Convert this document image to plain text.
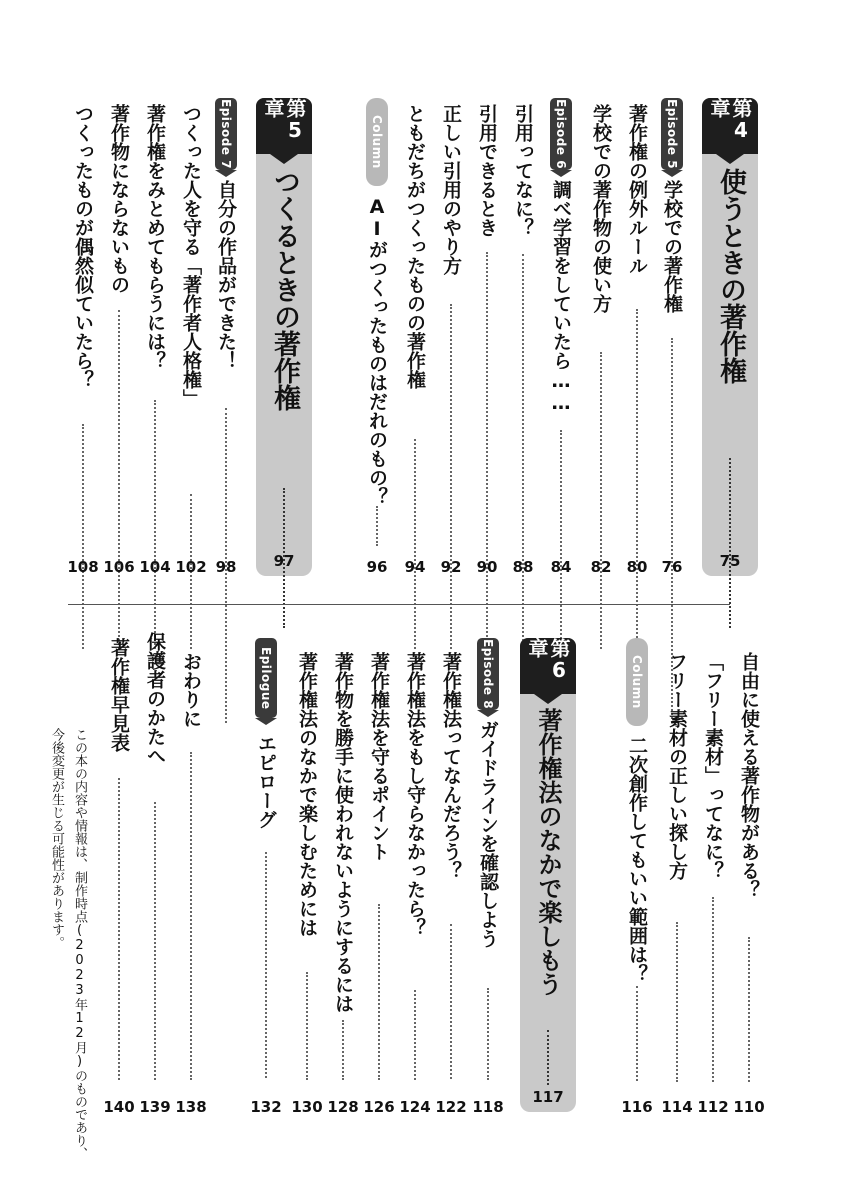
第4章
使うときの著作権
75
Episode 5
学校での著作権
著作権の例外ルール
学校での著作物の使い方
Episode 6
調べ学習をしていたら……
引用ってなに？
引用できるとき
正しい引用のやり方
ともだちがつくったものの著作権
Column
AIがつくったものはだれのもの？
第5章
つくるときの著作権
97
Episode 7
自分の作品ができた！
つくった人を守る「著作者人格権」
著作権をみとめてもらうには？
著作物にならないもの
つくったものが偶然似ていたら？
76
80
82
84
88
90
92
94
96
98
102
104
106
108
自由に使える著作物がある？
「フリー素材」ってなに？
フリー素材の正しい探し方
Column
二次創作してもいい範囲は？
第6章
著作権法のなかで楽しもう
117
Episode 8
ガイドラインを確認しよう
著作権法ってなんだろう？
著作権法をもし守らなかったら？
著作権法を守るポイント
著作物を勝手に使われないようにするには
著作権法のなかで楽しむためには
Epilogue
エピローグ
おわりに
保護者のかたへ
著作権早見表
110
112
114
116
118
122
124
126
128
130
132
138
139
140
この本の内容や情報は、制作時点(2023年12月)のものであり、
今後変更が生じる可能性があります。
